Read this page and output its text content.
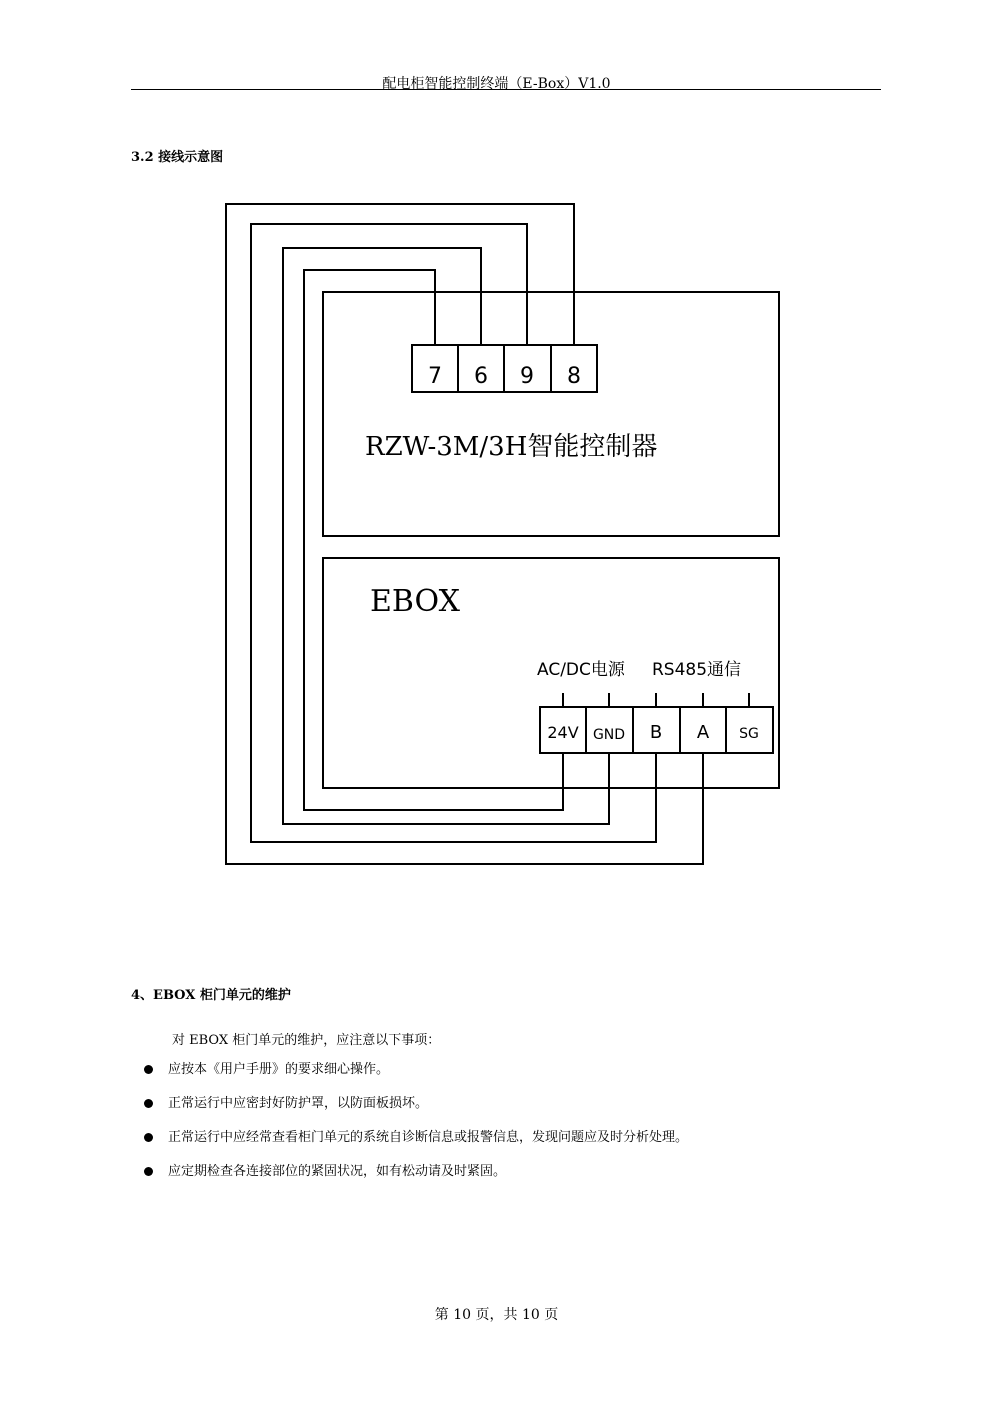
配电柜智能控制终端（E-Box）V1.0
3.2 接线示意图
7 6 9 8
RZW-3M/3H智能控制器
EBOX
AC/DC电源 RS485通信
24V GND B A SG
4、EBOX 柜门单元的维护
对 EBOX 柜门单元的维护，应注意以下事项：
应按本《用户手册》的要求细心操作。
正常运行中应密封好防护罩，以防面板损坏。
正常运行中应经常查看柜门单元的系统自诊断信息或报警信息，发现问题应及时分析处理。
应定期检查各连接部位的紧固状况，如有松动请及时紧固。
第 10 页，共 10 页
